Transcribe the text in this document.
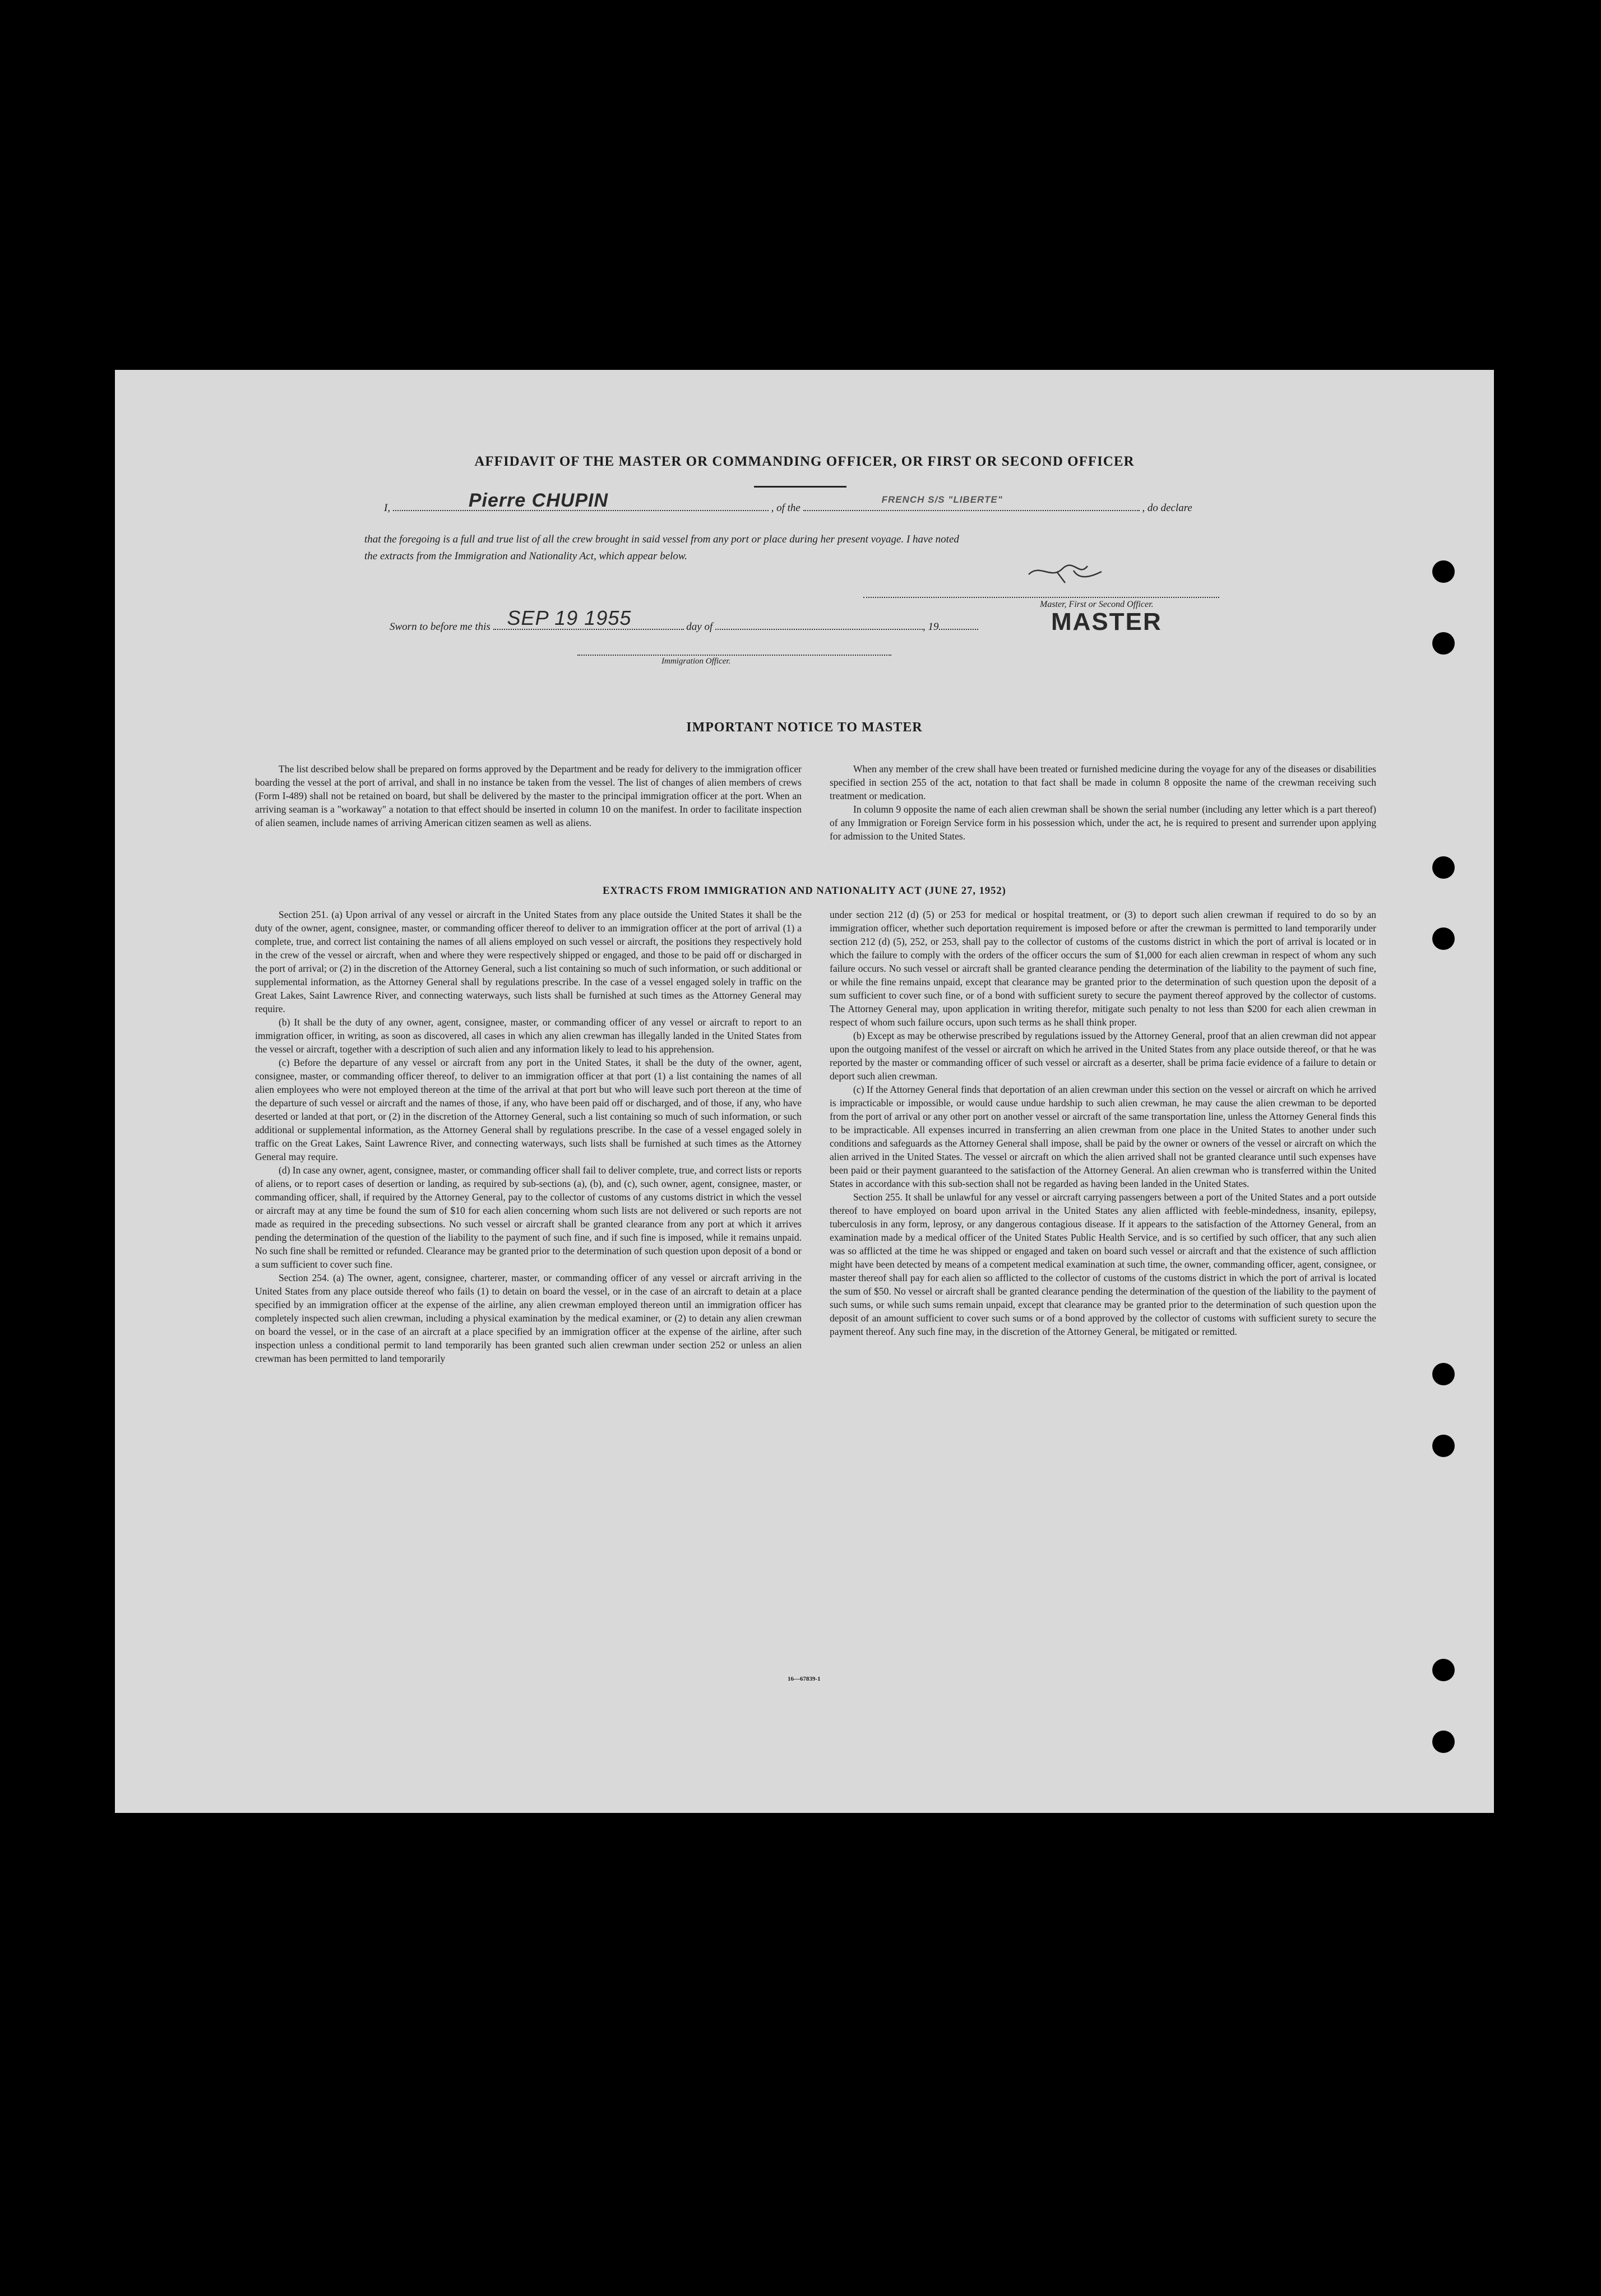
AFFIDAVIT OF THE MASTER OR COMMANDING OFFICER, OR FIRST OR SECOND OFFICER
I,	Pierre CHUPIN	, of the
FRENCH S/S "LIBERTE"
, do declare
that the foregoing is a full and true list of all the crew brought in said vessel from any port or place during her present voyage. I have noted
the extracts from the Immigration and Nationality Act, which appear below.
Master, First or Second Officer.
MASTER
Sworn to before me this SEP 19 1955	day of	, 19
Immigration Officer.
IMPORTANT NOTICE TO MASTER

The list described below shall be prepared on forms approved by the Department and be ready for delivery to the immigration officer boarding the vessel at the port of arrival, and shall in no instance be taken from the vessel. The list of changes of alien members of crews (Form I-489) shall not be retained on board, but shall be delivered by the master to the principal immigration officer at the port. When an arriving seaman is a "workaway" a notation to that effect should be inserted in column 10 on the manifest. In order to facilitate inspection of alien seamen, include names of arriving American citizen seamen as well as aliens.

When any member of the crew shall have been treated or furnished medicine during the voyage for any of the diseases or disabilities specified in section 255 of the act, notation to that fact shall be made in column 8 opposite the name of the crewman receiving such treatment or medication.

In column 9 opposite the name of each alien crewman shall be shown the serial number (including any letter which is a part thereof) of any Immigration or Foreign Service form in his possession which, under the act, he is required to present and surrender upon applying for admission to the United States.

EXTRACTS FROM IMMIGRATION AND NATIONALITY ACT (JUNE 27, 1952)

Section 251. (a) Upon arrival of any vessel or aircraft in the United States from any place outside the United States it shall be the duty of the owner, agent, consignee, master, or commanding officer thereof to deliver to an immigration officer at the port of arrival (1) a complete, true, and correct list containing the names of all aliens employed on such vessel or aircraft, the positions they respectively hold in the crew of the vessel or aircraft, when and where they were respectively shipped or engaged, and those to be paid off or discharged in the port of arrival; or (2) in the discretion of the Attorney General, such a list containing so much of such information, or such additional or supplemental information, as the Attorney General shall by regulations prescribe. In the case of a vessel engaged solely in traffic on the Great Lakes, Saint Lawrence River, and connecting waterways, such lists shall be furnished at such times as the Attorney General may require.

(b) It shall be the duty of any owner, agent, consignee, master, or commanding officer of any vessel or aircraft to report to an immigration officer, in writing, as soon as discovered, all cases in which any alien crewman has illegally landed in the United States from the vessel or aircraft, together with a description of such alien and any information likely to lead to his apprehension.

(c) Before the departure of any vessel or aircraft from any port in the United States, it shall be the duty of the owner, agent, consignee, master, or commanding officer thereof, to deliver to an immigration officer at that port (1) a list containing the names of all alien employees who were not employed thereon at the time of the arrival at that port but who will leave such port thereon at the time of the departure of such vessel or aircraft and the names of those, if any, who have been paid off or discharged, and of those, if any, who have deserted or landed at that port, or (2) in the discretion of the Attorney General, such a list containing so much of such information, or such additional or supplemental information, as the Attorney General shall by regulations prescribe. In the case of a vessel engaged solely in traffic on the Great Lakes, Saint Lawrence River, and connecting waterways, such lists shall be furnished at such times as the Attorney General may require.

(d) In case any owner, agent, consignee, master, or commanding officer shall fail to deliver complete, true, and correct lists or reports of aliens, or to report cases of desertion or landing, as required by sub-sections (a), (b), and (c), such owner, agent, consignee, master, or commanding officer, shall, if required by the Attorney General, pay to the collector of customs of any customs district in which the vessel or aircraft may at any time be found the sum of $10 for each alien concerning whom such lists are not delivered or such reports are not made as required in the preceding subsections. No such vessel or aircraft shall be granted clearance from any port at which it arrives pending the determination of the question of the liability to the payment of such fine, and if such fine is imposed, while it remains unpaid. No such fine shall be remitted or refunded. Clearance may be granted prior to the determination of such question upon deposit of a bond or a sum sufficient to cover such fine.

Section 254. (a) The owner, agent, consignee, charterer, master, or commanding officer of any vessel or aircraft arriving in the United States from any place outside thereof who fails (1) to detain on board the vessel, or in the case of an aircraft to detain at a place specified by an immigration officer at the expense of the airline, any alien crewman employed thereon until an immigration officer has completely inspected such alien crewman, including a physical examination by the medical examiner, or (2) to detain any alien crewman on board the vessel, or in the case of an aircraft at a place specified by an immigration officer at the expense of the airline, after such inspection unless a conditional permit to land temporarily has been granted such alien crewman under section 252 or unless an alien crewman has been permitted to land temporarily

under section 212 (d) (5) or 253 for medical or hospital treatment, or (3) to deport such alien crewman if required to do so by an immigration officer, whether such deportation requirement is imposed before or after the crewman is permitted to land temporarily under section 212 (d) (5), 252, or 253, shall pay to the collector of customs of the customs district in which the port of arrival is located or in which the failure to comply with the orders of the officer occurs the sum of $1,000 for each alien crewman in respect of whom any such failure occurs. No such vessel or aircraft shall be granted clearance pending the determination of the liability to the payment of such fine, or while the fine remains unpaid, except that clearance may be granted prior to the determination of such question upon the deposit of a sum sufficient to cover such fine, or of a bond with sufficient surety to secure the payment thereof approved by the collector of customs. The Attorney General may, upon application in writing therefor, mitigate such penalty to not less than $200 for each alien crewman in respect of whom such failure occurs, upon such terms as he shall think proper.

(b) Except as may be otherwise prescribed by regulations issued by the Attorney General, proof that an alien crewman did not appear upon the outgoing manifest of the vessel or aircraft on which he arrived in the United States from any place outside thereof, or that he was reported by the master or commanding officer of such vessel or aircraft as a deserter, shall be prima facie evidence of a failure to detain or deport such alien crewman.

(c) If the Attorney General finds that deportation of an alien crewman under this section on the vessel or aircraft on which he arrived is impracticable or impossible, or would cause undue hardship to such alien crewman, he may cause the alien crewman to be deported from the port of arrival or any other port on another vessel or aircraft of the same transportation line, unless the Attorney General finds this to be impracticable. All expenses incurred in transferring an alien crewman from one place in the United States to another under such conditions and safeguards as the Attorney General shall impose, shall be paid by the owner or owners of the vessel or aircraft on which the alien arrived in the United States. The vessel or aircraft on which the alien arrived shall not be granted clearance until such expenses have been paid or their payment guaranteed to the satisfaction of the Attorney General. An alien crewman who is transferred within the United States in accordance with this sub-section shall not be regarded as having been landed in the United States.

Section 255. It shall be unlawful for any vessel or aircraft carrying passengers between a port of the United States and a port outside thereof to have employed on board upon arrival in the United States any alien afflicted with feeble-mindedness, insanity, epilepsy, tuberculosis in any form, leprosy, or any dangerous contagious disease. If it appears to the satisfaction of the Attorney General, from an examination made by a medical officer of the United States Public Health Service, and is so certified by such officer, that any such alien was so afflicted at the time he was shipped or engaged and taken on board such vessel or aircraft and that the existence of such affliction might have been detected by means of a competent medical examination at such time, the owner, commanding officer, agent, consignee, or master thereof shall pay for each alien so afflicted to the collector of customs of the customs district in which the port of arrival is located the sum of $50. No vessel or aircraft shall be granted clearance pending the determination of the question of the liability to the payment of such sums, or while such sums remain unpaid, except that clearance may be granted prior to the determination of such question upon the deposit of an amount sufficient to cover such sums or of a bond approved by the collector of customs with sufficient surety to secure the payment thereof. Any such fine may, in the discretion of the Attorney General, be mitigated or remitted.

16—67839-1
